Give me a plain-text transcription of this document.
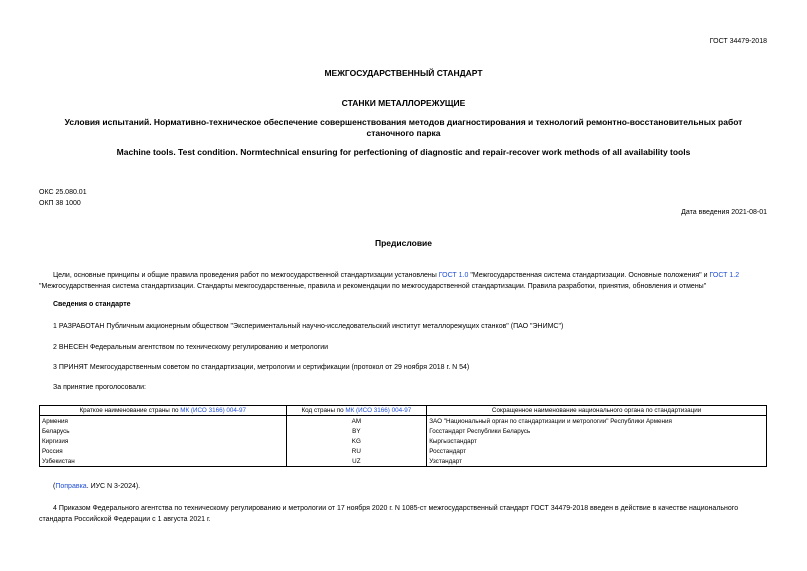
ГОСТ 34479-2018
МЕЖГОСУДАРСТВЕННЫЙ СТАНДАРТ
СТАНКИ МЕТАЛЛОРЕЖУЩИЕ
Условия испытаний. Нормативно-техническое обеспечение совершенствования методов диагностирования и технологий ремонтно-восстановительных работ станочного парка
Machine tools. Test condition. Normtechnical ensuring for perfectioning of diagnostic and repair-recover work methods of all availability tools
ОКС 25.080.01
ОКП 38 1000
Дата введения 2021-08-01
Предисловие
Цели, основные принципы и общие правила проведения работ по межгосударственной стандартизации установлены ГОСТ 1.0 "Межгосударственная система стандартизации. Основные положения" и ГОСТ 1.2 "Межгосударственная система стандартизации. Стандарты межгосударственные, правила и рекомендации по межгосударственной стандартизации. Правила разработки, принятия, обновления и отмены"
Сведения о стандарте
1 РАЗРАБОТАН Публичным акционерным обществом "Экспериментальный научно-исследовательский институт металлорежущих станков" (ПАО "ЭНИМС")
2 ВНЕСЕН Федеральным агентством по техническому регулированию и метрологии
3 ПРИНЯТ Межгосударственным советом по стандартизации, метрологии и сертификации (протокол от 29 ноября 2018 г. N 54)
За принятие проголосовали:
Краткое наименование страны по МК (ИСО 3166) 004-97	Код страны по МК (ИСО 3166) 004-97	Сокращенное наименование национального органа по стандартизации
Армения	AM	ЗАО "Национальный орган по стандартизации и метрологии" Республики Армения
Беларусь	BY	Госстандарт Республики Беларусь
Киргизия	KG	Кыргызстандарт
Россия	RU	Росстандарт
Узбекистан	UZ	Узстандарт
(Поправка. ИУС N 3-2024).
4 Приказом Федерального агентства по техническому регулированию и метрологии от 17 ноября 2020 г. N 1085-ст межгосударственный стандарт ГОСТ 34479-2018 введен в действие в качестве национального стандарта Российской Федерации с 1 августа 2021 г.
